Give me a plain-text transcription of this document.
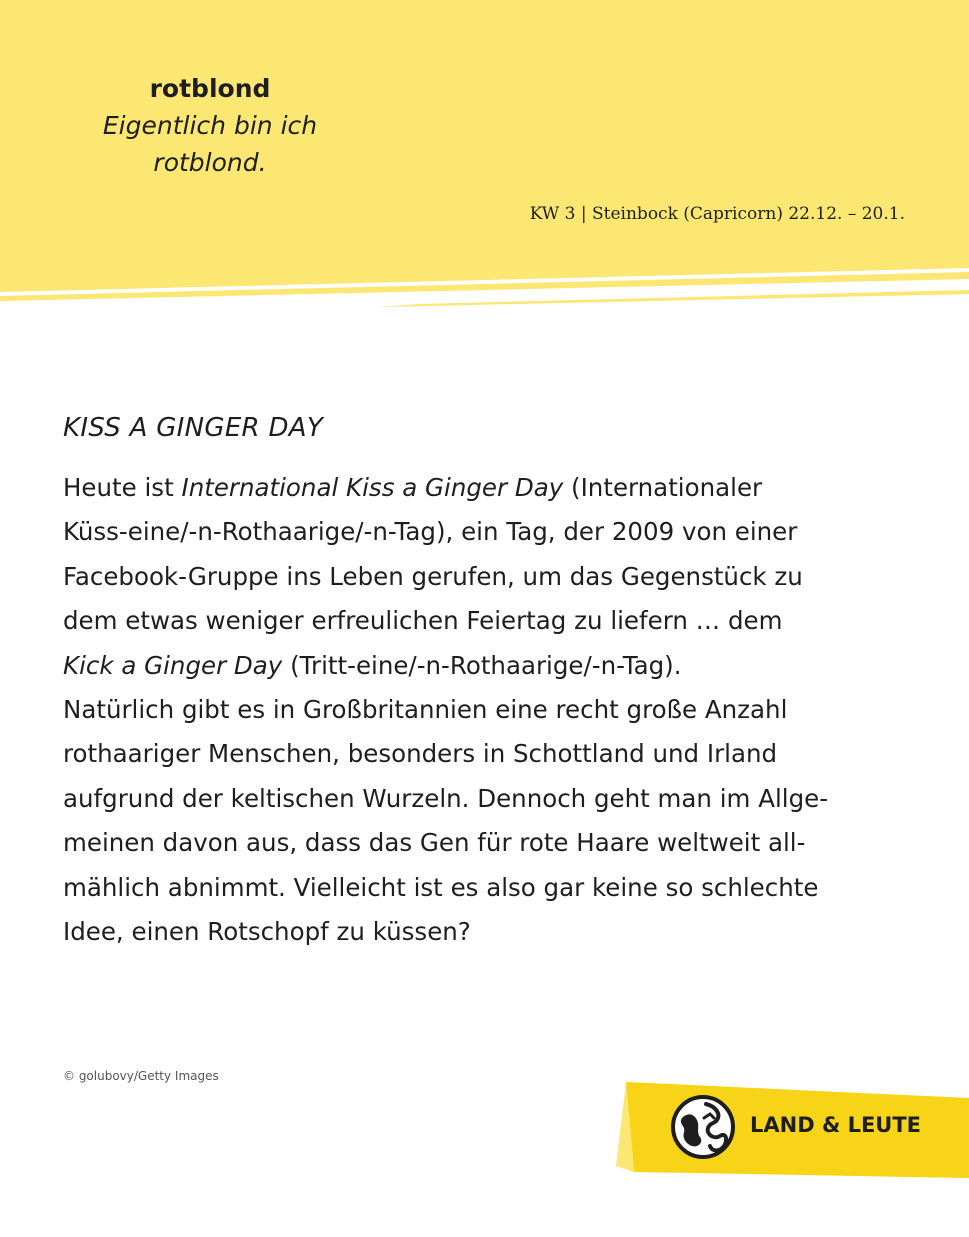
rotblond
Eigentlich bin ich
rotblond.
KW 3 | Steinbock (Capricorn) 22.12. – 20.1.
KISS A GINGER DAY

Heute ist International Kiss a Ginger Day (Internationaler

Küss-eine/-n-Rothaarige/-n-Tag), ein Tag, der 2009 von einer

Facebook-Gruppe ins Leben gerufen, um das Gegenstück zu

dem etwas weniger erfreulichen Feiertag zu liefern … dem

Kick a Ginger Day (Tritt-eine/-n-Rothaarige/-n-Tag).

Natürlich gibt es in Großbritannien eine recht große Anzahl

rothaariger Menschen, besonders in Schottland und Irland

aufgrund der keltischen Wurzeln. Dennoch geht man im Allge-

meinen davon aus, dass das Gen für rote Haare weltweit all-

mählich abnimmt. Vielleicht ist es also gar keine so schlechte

Idee, einen Rotschopf zu küssen?

© golubovy/Getty Images
LAND & LEUTE
